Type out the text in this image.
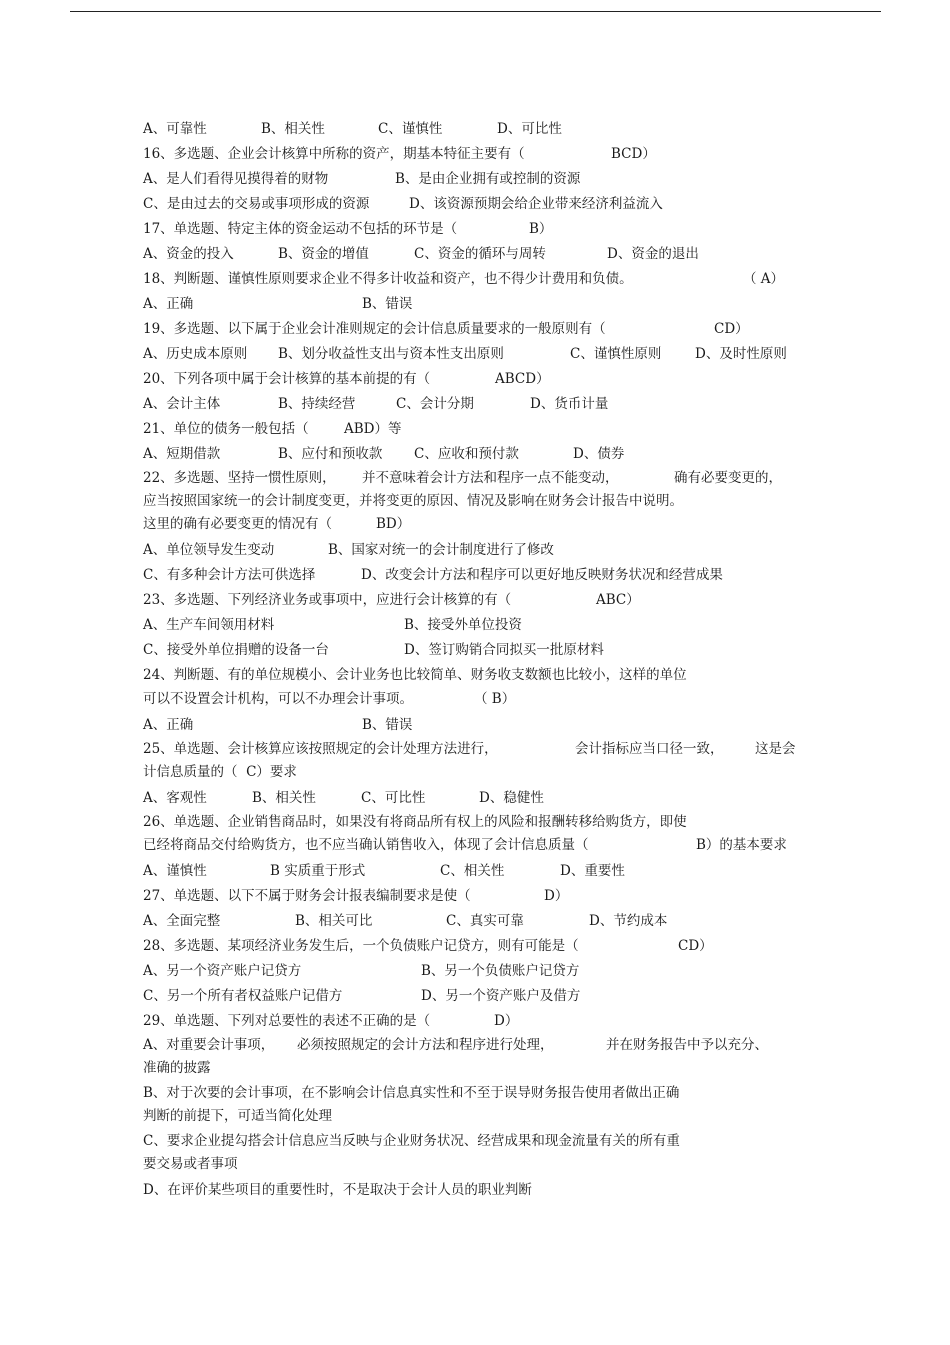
A、可靠性

	B、相关性

	C、谨慎性

	D、可比性

16、多选题、企业会计核算中所称的资产，期基本特征主要有（

	BCD）

A、是人们看得见摸得着的财物

	B、是由企业拥有或控制的资源

C、是由过去的交易或事项形成的资源

	D、该资源预期会给企业带来经济利益流入

17、单选题、特定主体的资金运动不包括的环节是（

	B）

A、资金的投入

	B、资金的增值

	C、资金的循环与周转

	D、资金的退出

18、判断题、谨慎性原则要求企业不得多计收益和资产，也不得少计费用和负债。

	（ A）

A、正确

	B、错误

19、多选题、以下属于企业会计准则规定的会计信息质量要求的一般原则有（

	CD）

A、历史成本原则

B、划分收益性支出与资本性支出原则

	C、谨慎性原则

D、及时性原则

20、下列各项中属于会计核算的基本前提的有（

	ABCD）

A、会计主体

	B、持续经营

	C、会计分期

	D、货币计量

21、单位的债务一般包括（

	ABD）等

A、短期借款

	B、应付和预收款

C、应收和预付款

	D、债券

22、多选题、坚持一惯性原则，

并不意味着会计方法和程序一点不能变动，

	确有必要变更的，

应当按照国家统一的会计制度变更，并将变更的原因、情况及影响在财务会计报告中说明。

这里的确有必要变更的情况有（

	BD）

A、单位领导发生变动

	B、国家对统一的会计制度进行了修改

C、有多种会计方法可供选择

	D、改变会计方法和程序可以更好地反映财务状况和经营成果

23、多选题、下列经济业务或事项中，应进行会计核算的有（

	ABC）

A、生产车间领用材料

	B、接受外单位投资

C、接受外单位捐赠的设备一台

	D、签订购销合同拟买一批原材料

24、判断题、有的单位规模小、会计业务也比较简单、财务收支数额也比较小，这样的单位

可以不设置会计机构，可以不办理会计事项。

	（ B）

A、正确

	B、错误

25、单选题、会计核算应该按照规定的会计处理方法进行，

	会计指标应当口径一致，

这是会

计信息质量的（  C）要求

A、客观性

	B、相关性

	C、可比性

	D、稳健性

26、单选题、企业销售商品时，如果没有将商品所有权上的风险和报酬转移给购货方，即使

已经将商品交付给购货方，也不应当确认销售收入，体现了会计信息质量（

	B）的基本要求

A、谨慎性

	B 实质重于形式

	C、相关性

	D、重要性

27、单选题、以下不属于财务会计报表编制要求是使（

	D）

A、全面完整

	B、相关可比

	C、真实可靠

	D、节约成本

28、多选题、某项经济业务发生后，一个负债账户记贷方，则有可能是（

	CD）

A、另一个资产账户记贷方

	B、另一个负债账户记贷方

C、另一个所有者权益账户记借方

	D、另一个资产账户及借方

29、单选题、下列对总要性的表述不正确的是（

	D）

A、对重要会计事项，

必须按照规定的会计方法和程序进行处理，

	并在财务报告中予以充分、

准确的披露

B、对于次要的会计事项，在不影响会计信息真实性和不至于误导财务报告使用者做出正确

判断的前提下，可适当简化处理

C、要求企业提勾搭会计信息应当反映与企业财务状况、经营成果和现金流量有关的所有重

要交易或者事项

D、在评价某些项目的重要性时，不是取决于会计人员的职业判断
